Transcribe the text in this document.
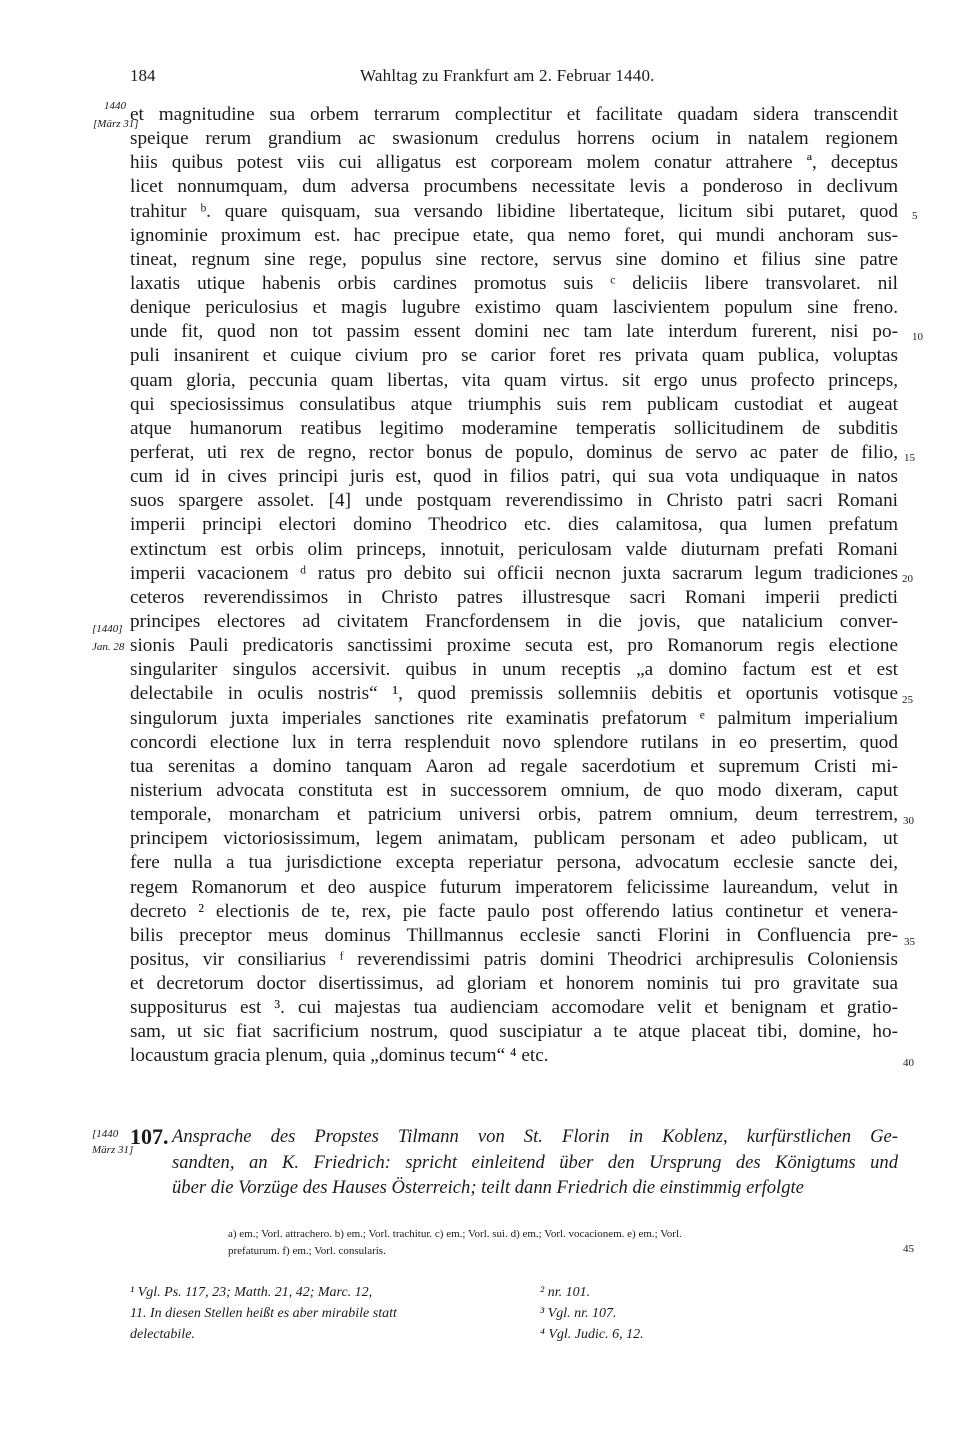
184	Wahltag zu Frankfurt am 2. Februar 1440.
1440
[März 31]
[1440]
Jan. 28
et magnitudine sua orbem terrarum complectitur et facilitate quadam sidera transcendit
speique rerum grandium ac swasionum credulus horrens ocium in natalem regionem
hiis quibus potest viis cui alligatus est corpoream molem conatur attrahere ª, deceptus
licet nonnumquam, dum adversa procumbens necessitate levis a ponderoso in declivum
trahitur ᵇ. quare quisquam, sua versando libidine libertateque, licitum sibi putaret, quod
ignominie proximum est. hac precipue etate, qua nemo foret, qui mundi anchoram sus-
tineat, regnum sine rege, populus sine rectore, servus sine domino et filius sine patre
laxatis utique habenis orbis cardines promotus suis ᶜ deliciis libere transvolaret. nil
denique periculosius et magis lugubre existimo quam lascivientem populum sine freno.
unde fit, quod non tot passim essent domini nec tam late interdum furerent, nisi po-
puli insanirent et cuique civium pro se carior foret res privata quam publica, voluptas
quam gloria, peccunia quam libertas, vita quam virtus. sit ergo unus profecto princeps,
qui speciosissimus consulatibus atque triumphis suis rem publicam custodiat et augeat
atque humanorum reatibus legitimo moderamine temperatis sollicitudinem de subditis
perferat, uti rex de regno, rector bonus de populo, dominus de servo ac pater de filio,
cum id in cives principi juris est, quod in filios patri, qui sua vota undiquaque in natos
suos spargere assolet. [4] unde postquam reverendissimo in Christo patri sacri Romani
imperii principi electori domino Theodrico etc. dies calamitosa, qua lumen prefatum
extinctum est orbis olim princeps, innotuit, periculosam valde diuturnam prefati Romani
imperii vacacionem ᵈ ratus pro debito sui officii necnon juxta sacrarum legum tradiciones
ceteros reverendissimos in Christo patres illustresque sacri Romani imperii predicti
principes electores ad civitatem Francfordensem in die jovis, que natalicium conver-
sionis Pauli predicatoris sanctissimi proxime secuta est, pro Romanorum regis electione
singulariter singulos accersivit. quibus in unum receptis „a domino factum est et est
delectabile in oculis nostris“ ¹, quod premissis sollemniis debitis et oportunis votisque
singulorum juxta imperiales sanctiones rite examinatis prefatorum ᵉ palmitum imperialium
concordi electione lux in terra resplenduit novo splendore rutilans in eo presertim, quod
tua serenitas a domino tanquam Aaron ad regale sacerdotium et supremum Cristi mi-
nisterium advocata constituta est in successorem omnium, de quo modo dixeram, caput
temporale, monarcham et patricium universi orbis, patrem omnium, deum terrestrem,
principem victoriosissimum, legem animatam, publicam personam et adeo publicam, ut
fere nulla a tua jurisdictione excepta reperiatur persona, advocatum ecclesie sancte dei,
regem Romanorum et deo auspice futurum imperatorem felicissime laureandum, velut in
decreto ² electionis de te, rex, pie facte paulo post offerendo latius continetur et venera-
bilis preceptor meus dominus Thillmannus ecclesie sancti Florini in Confluencia pre-
positus, vir consiliarius ᶠ reverendissimi patris domini Theodrici archipresulis Coloniensis
et decretorum doctor disertissimus, ad gloriam et honorem nominis tui pro gravitate sua
suppositurus est ³. cui majestas tua audienciam accomodare velit et benignam et gratio-
sam, ut sic fiat sacrificium nostrum, quod suscipiatur a te atque placeat tibi, domine, ho-
locaustum gracia plenum, quia „dominus tecum“ ⁴ etc.
5
10
15
20
25
30
35
40
[1440
März 31]
107. Ansprache des Propstes Tilmann von St. Florin in Koblenz, kurfürstlichen Ge-
sandten, an K. Friedrich: spricht einleitend über den Ursprung des Königtums und
über die Vorzüge des Hauses Österreich; teilt dann Friedrich die einstimmig erfolgte
a) em.; Vorl. attrachero. b) em.; Vorl. trachitur. c) em.; Vorl. sui. d) em.; Vorl. vocacionem. e) em.; Vorl.
prefaturum. f) em.; Vorl. consularis.	45
¹ Vgl. Ps. 117, 23; Matth. 21, 42; Marc. 12,
11. In diesen Stellen heißt es aber mirabile statt
delectabile.
² nr. 101.
³ Vgl. nr. 107.
⁴ Vgl. Judic. 6, 12.
